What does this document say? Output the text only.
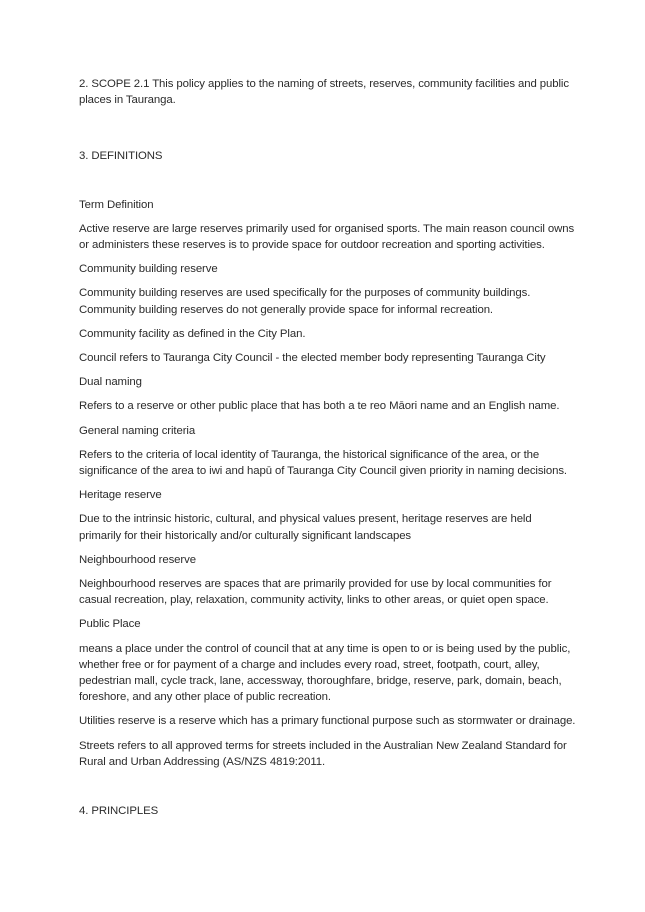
2. SCOPE 2.1 This policy applies to the naming of streets, reserves, community facilities and public
places in Tauranga.

3. DEFINITIONS

Term Definition

Active reserve are large reserves primarily used for organised sports. The main reason council owns
or administers these reserves is to provide space for outdoor recreation and sporting activities.

Community building reserve

Community building reserves are used specifically for the purposes of community buildings.
Community building reserves do not generally provide space for informal recreation.

Community facility as defined in the City Plan.

Council refers to Tauranga City Council - the elected member body representing Tauranga City

Dual naming

Refers to a reserve or other public place that has both a te reo Māori name and an English name.

General naming criteria

Refers to the criteria of local identity of Tauranga, the historical significance of the area, or the
significance of the area to iwi and hapū of Tauranga City Council given priority in naming decisions.

Heritage reserve

Due to the intrinsic historic, cultural, and physical values present, heritage reserves are held
primarily for their historically and/or culturally significant landscapes

Neighbourhood reserve

Neighbourhood reserves are spaces that are primarily provided for use by local communities for
casual recreation, play, relaxation, community activity, links to other areas, or quiet open space.

Public Place

means a place under the control of council that at any time is open to or is being used by the public,
whether free or for payment of a charge and includes every road, street, footpath, court, alley,
pedestrian mall, cycle track, lane, accessway, thoroughfare, bridge, reserve, park, domain, beach,
foreshore, and any other place of public recreation.

Utilities reserve is a reserve which has a primary functional purpose such as stormwater or drainage.

Streets refers to all approved terms for streets included in the Australian New Zealand Standard for
Rural and Urban Addressing (AS/NZS 4819:2011.

4. PRINCIPLES
